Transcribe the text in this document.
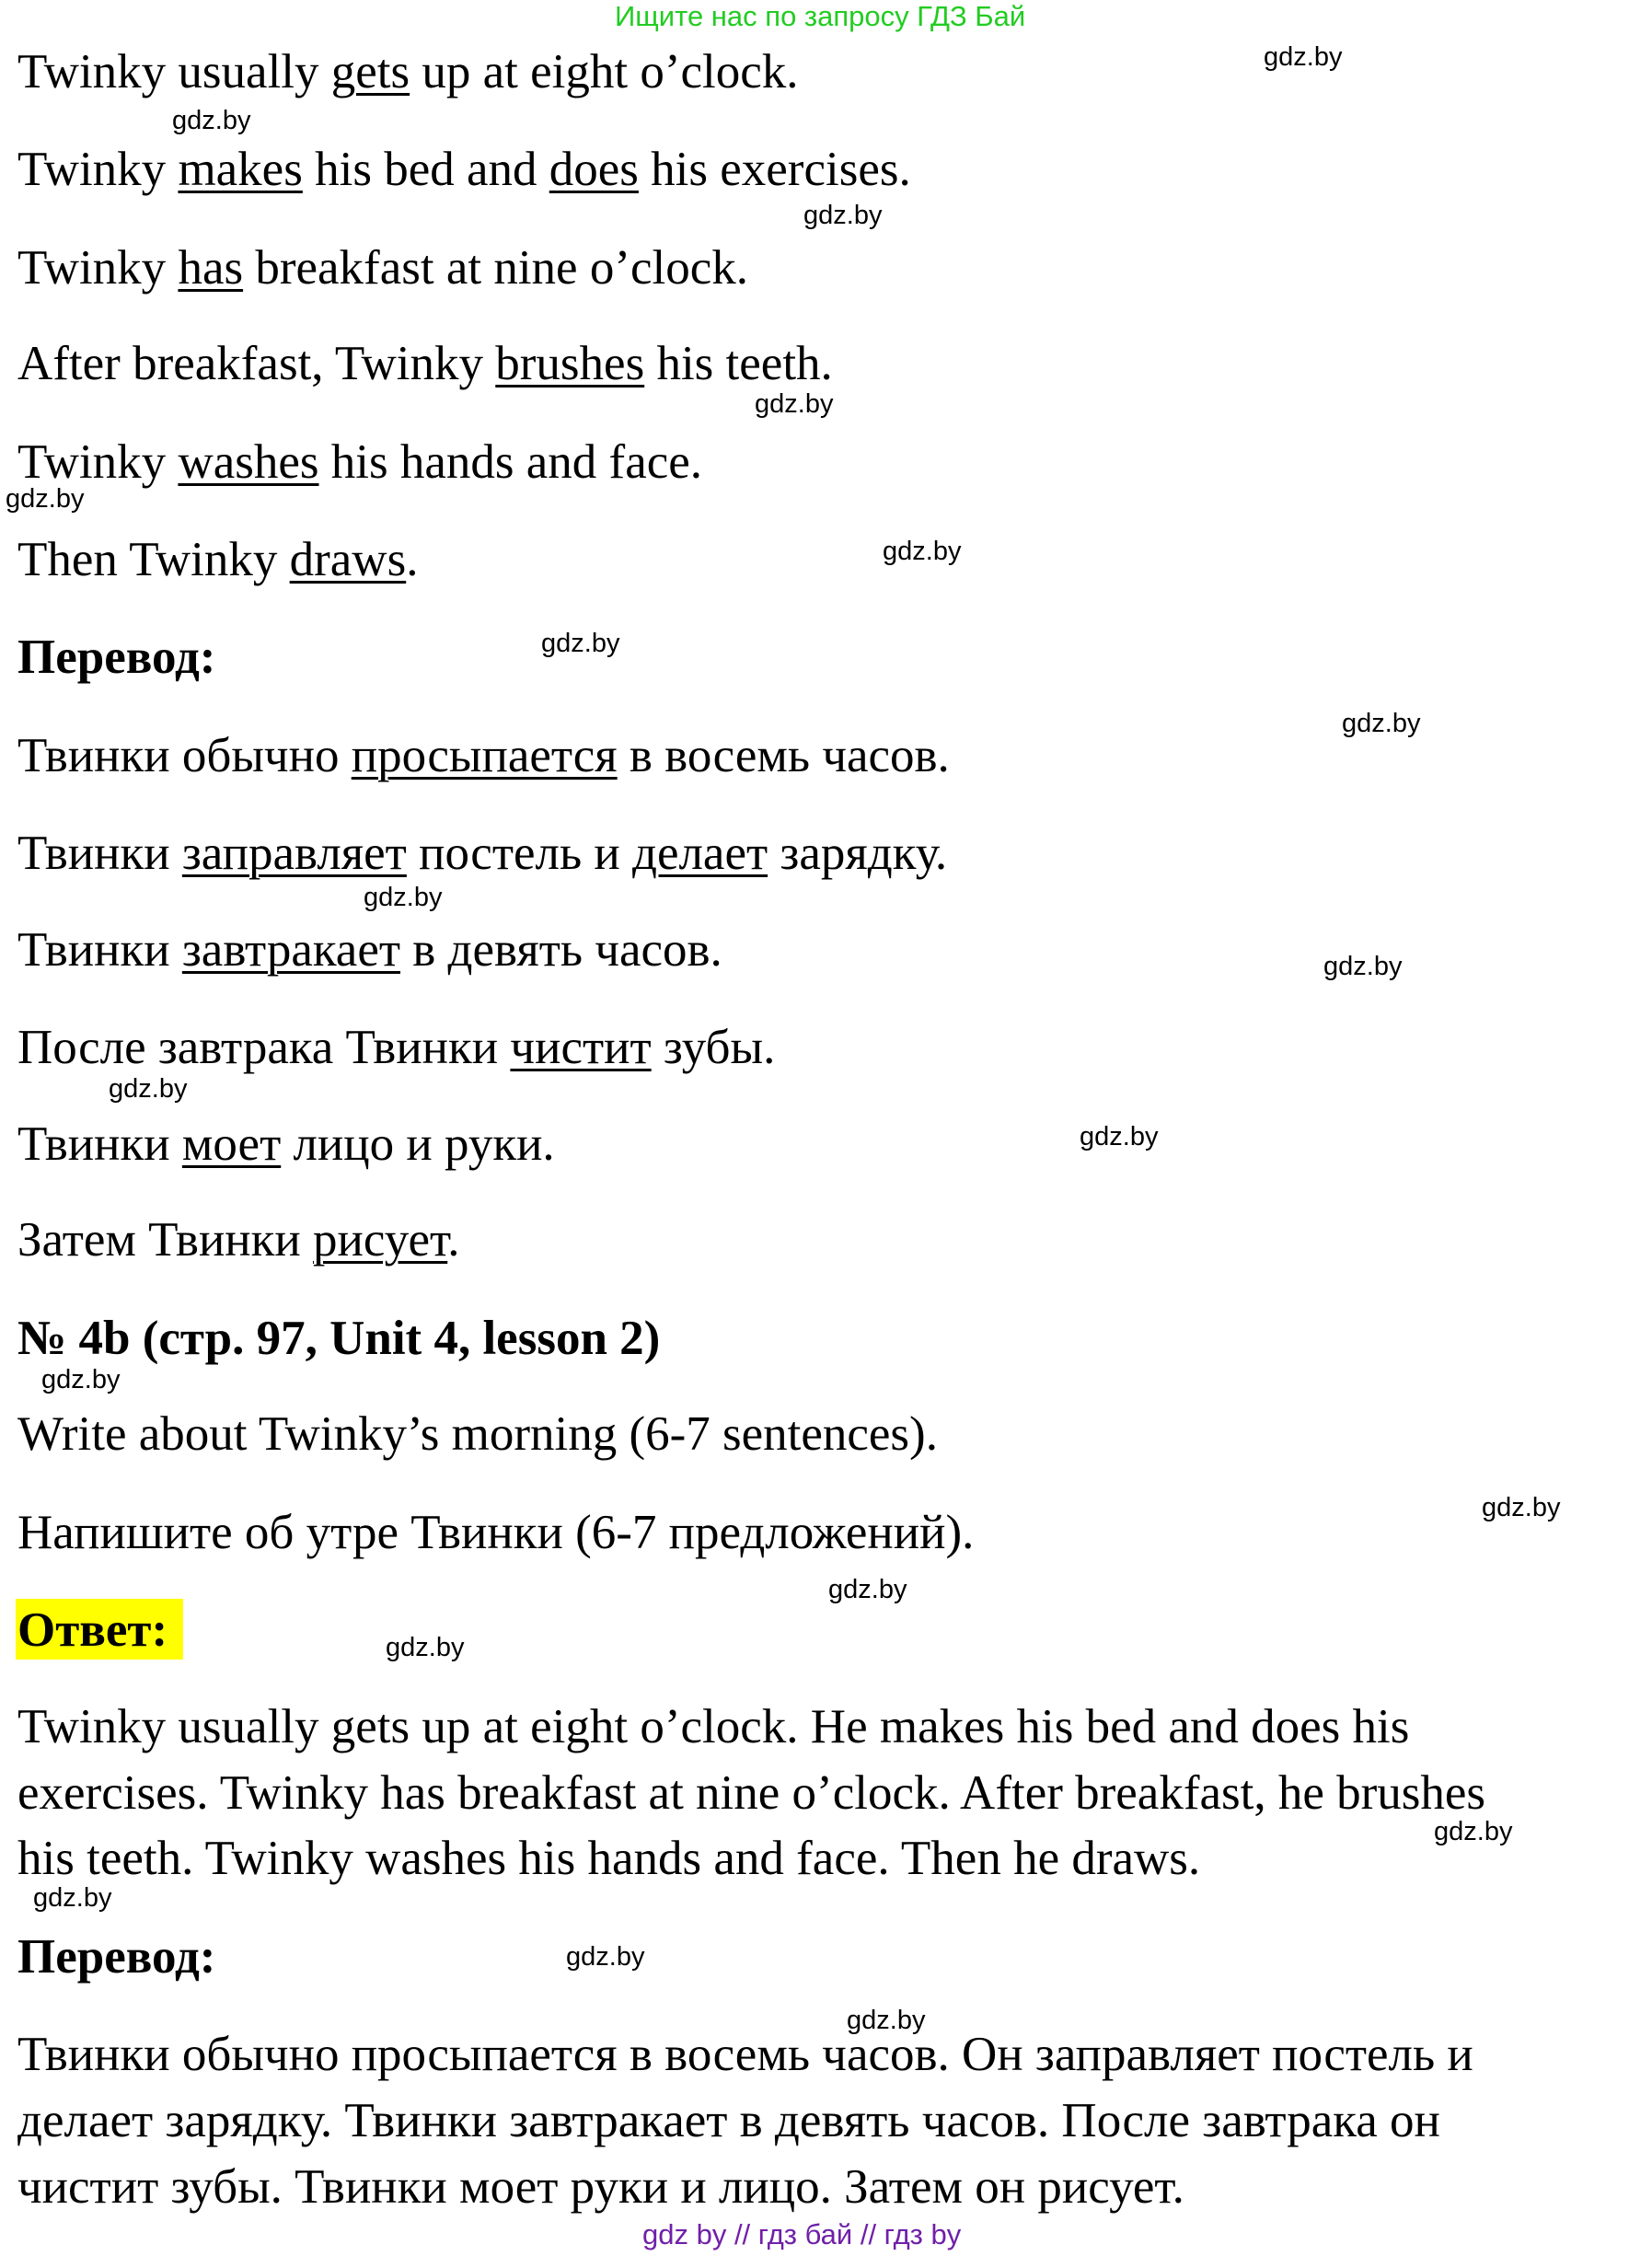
Ищите нас по запросу ГДЗ Бай
Twinky usually gets up at eight o’clock.
Twinky makes his bed and does his exercises.
Twinky has breakfast at nine o’clock.
After breakfast, Twinky brushes his teeth.
Twinky washes his hands and face.
Then Twinky draws.
Перевод:
Твинки обычно просыпается в восемь часов.
Твинки заправляет постель и делает зарядку.
Твинки завтракает в девять часов.
После завтрака Твинки чистит зубы.
Твинки моет лицо и руки.
Затем Твинки рисует.
№ 4b (стр. 97, Unit 4, lesson 2)
Write about Twinky’s morning (6-7 sentences).
Напишите об утре Твинки (6-7 предложений).
Ответ:
Twinky usually gets up at eight o’clock. He makes his bed and does his
exercises. Twinky has breakfast at nine o’clock. After breakfast, he brushes
his teeth. Twinky washes his hands and face. Then he draws.
Перевод:
Твинки обычно просыпается в восемь часов. Он заправляет постель и
делает зарядку. Твинки завтракает в девять часов. После завтрака он
чистит зубы. Твинки моет руки и лицо. Затем он рисует.
gdz.by
gdz.by
gdz.by
gdz.by
gdz.by
gdz.by
gdz.by
gdz.by
gdz.by
gdz.by
gdz.by
gdz.by
gdz.by
gdz.by
gdz.by
gdz.by
gdz.by
gdz.by
gdz.by
gdz.by
gdz by // гдз бай // гдз by
